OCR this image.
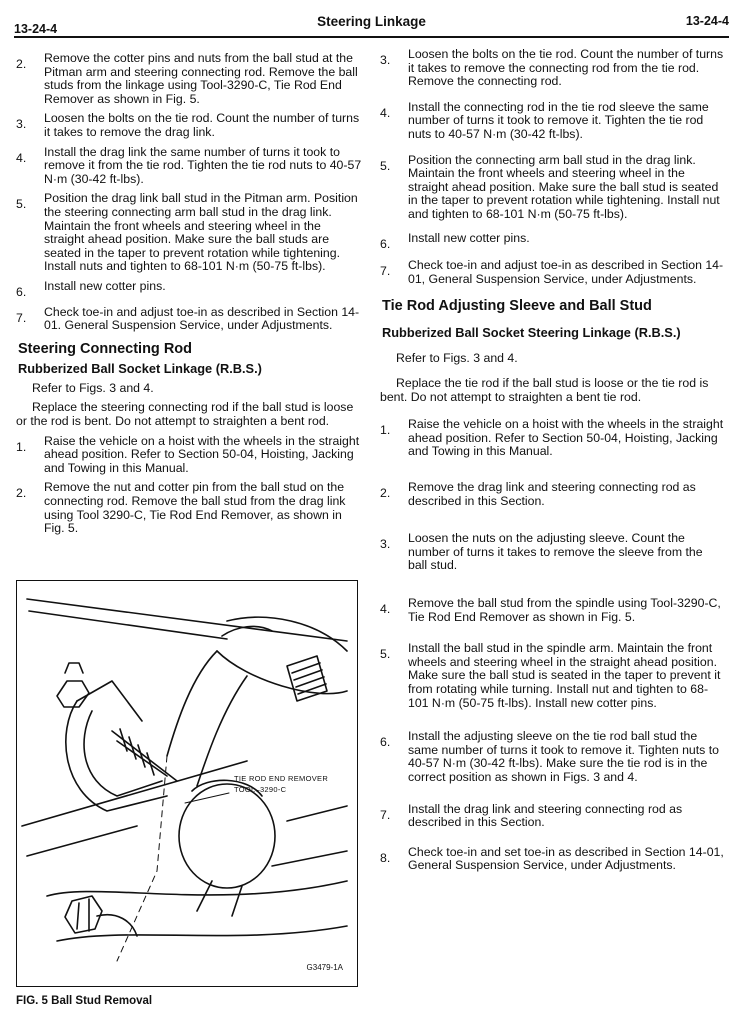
13-24-4	Steering Linkage	13-24-4
2.	Remove the cotter pins and nuts from the ball stud at the Pitman arm and steering connecting rod. Remove the ball studs from the linkage using Tool-3290-C, Tie Rod End Remover as shown in Fig. 5.
3.	Loosen the bolts on the tie rod. Count the number of turns it takes to remove the drag link.
4.	Install the drag link the same number of turns it took to remove it from the tie rod. Tighten the tie rod nuts to 40-57 N·m (30-42 ft-lbs).
5.	Position the drag link ball stud in the Pitman arm. Position the steering connecting arm ball stud in the drag link. Maintain the front wheels and steering wheel in the straight ahead position. Make sure the ball studs are seated in the taper to prevent rotation while tightening. Install nuts and tighten to 68-101 N·m (50-75 ft-lbs).
6.	Install new cotter pins.
7.	Check toe-in and adjust toe-in as described in Section 14-01. General Suspension Service, under Adjustments.
Steering Connecting Rod
Rubberized Ball Socket Linkage (R.B.S.)
Refer to Figs. 3 and 4.
Replace the steering connecting rod if the ball stud is loose or the rod is bent. Do not attempt to straighten a bent rod.
1.	Raise the vehicle on a hoist with the wheels in the straight ahead position. Refer to Section 50-04, Hoisting, Jacking and Towing in this Manual.
2.	Remove the nut and cotter pin from the ball stud on the connecting rod. Remove the ball stud from the drag link using Tool 3290-C, Tie Rod End Remover, as shown in Fig. 5.
TIE ROD END REMOVER
TOOL–3290-C
G3479-1A
FIG. 5 Ball Stud Removal
3.	Loosen the bolts on the tie rod. Count the number of turns it takes to remove the connecting rod from the tie rod. Remove the connecting rod.
4.	Install the connecting rod in the tie rod sleeve the same number of turns it took to remove it. Tighten the tie rod nuts to 40-57 N·m (30-42 ft-lbs).
5.	Position the connecting arm ball stud in the drag link. Maintain the front wheels and steering wheel in the straight ahead position. Make sure the ball stud is seated in the taper to prevent rotation while tightening. Install nut and tighten to 68-101 N·m (50-75 ft-lbs).
6.	Install new cotter pins.
7.	Check toe-in and adjust toe-in as described in Section 14-01, General Suspension Service, under Adjustments.
Tie Rod Adjusting Sleeve and Ball Stud
Rubberized Ball Socket Steering Linkage (R.B.S.)
Refer to Figs. 3 and 4.
Replace the tie rod if the ball stud is loose or the tie rod is bent. Do not attempt to straighten a bent tie rod.
1.	Raise the vehicle on a hoist with the wheels in the straight ahead position. Refer to Section 50-04, Hoisting, Jacking and Towing in this Manual.
2.	Remove the drag link and steering connecting rod as described in this Section.
3.	Loosen the nuts on the adjusting sleeve. Count the number of turns it takes to remove the sleeve from the ball stud.
4.	Remove the ball stud from the spindle using Tool-3290-C, Tie Rod End Remover as shown in Fig. 5.
5.	Install the ball stud in the spindle arm. Maintain the front wheels and steering wheel in the straight ahead position. Make sure the ball stud is seated in the taper to prevent it from rotating while turning. Install nut and tighten to 68-101 N·m (50-75 ft-lbs). Install new cotter pins.
6.	Install the adjusting sleeve on the tie rod ball stud the same number of turns it took to remove it. Tighten nuts to 40-57 N·m (30-42 ft-lbs). Make sure the tie rod is in the correct position as shown in Figs. 3 and 4.
7.	Install the drag link and steering connecting rod as described in this Section.
8.	Check toe-in and set toe-in as described in Section 14-01, General Suspension Service, under Adjustments.
